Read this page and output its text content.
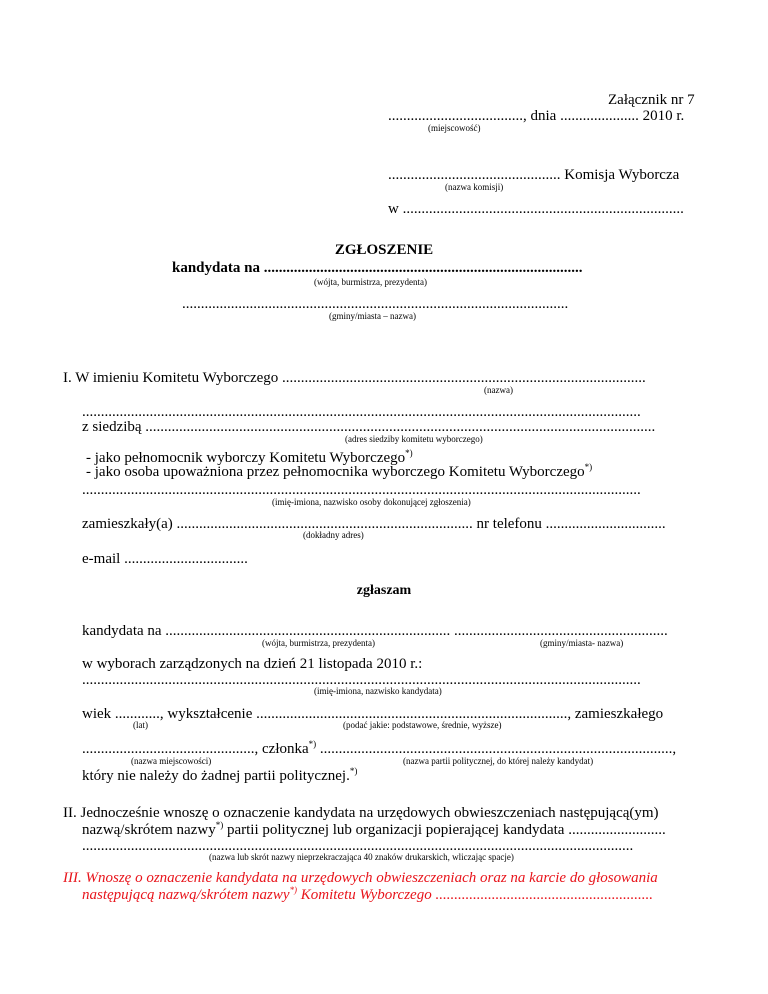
Załącznik nr 7
...................................., dnia ..................... 2010 r.
(miejscowość)
.............................................. Komisja Wyborcza
(nazwa komisji)
w ...........................................................................
ZGŁOSZENIE
kandydata na .....................................................................................
(wójta, burmistrza, prezydenta)
.......................................................................................................
(gminy/miasta – nazwa)
I. W imieniu Komitetu Wyborczego .................................................................................................
(nazwa)
.....................................................................................................................................................
z siedzibą ........................................................................................................................................
(adres siedziby komitetu wyborczego)
- jako pełnomocnik wyborczy Komitetu Wyborczego*)
- jako osoba upoważniona przez pełnomocnika wyborczego Komitetu Wyborczego*)
.....................................................................................................................................................
(imię-imiona, nazwisko osoby dokonującej zgłoszenia)
zamieszkały(a) ............................................................................... nr telefonu ................................
(dokładny adres)
e-mail .................................
zgłaszam
kandydata na ............................................................................ .........................................................
(wójta, burmistrza, prezydenta)	(gminy/miasta- nazwa)
w wyborach zarządzonych na dzień 21 listopada 2010 r.:
.....................................................................................................................................................
(imię-imiona, nazwisko kandydata)
wiek ............, wykształcenie ..................................................................................., zamieszkałego
(lat)	(podać jakie: podstawowe, średnie, wyższe)
.............................................., członka*) ..............................................................................................,
(nazwa miejscowości)	(nazwa partii politycznej, do której należy kandydat)
który nie należy do żadnej partii politycznej.*)
II. Jednocześnie wnoszę o oznaczenie kandydata na urzędowych obwieszczeniach następującą(ym)
nazwą/skrótem nazwy*) partii politycznej lub organizacji popierającej kandydata ..........................
...................................................................................................................................................
(nazwa lub skrót nazwy nieprzekraczająca 40 znaków drukarskich, wliczając spacje)
III. Wnoszę o oznaczenie kandydata na urzędowych obwieszczeniach oraz na karcie do głosowania
następującą nazwą/skrótem nazwy*) Komitetu Wyborczego ..........................................................
